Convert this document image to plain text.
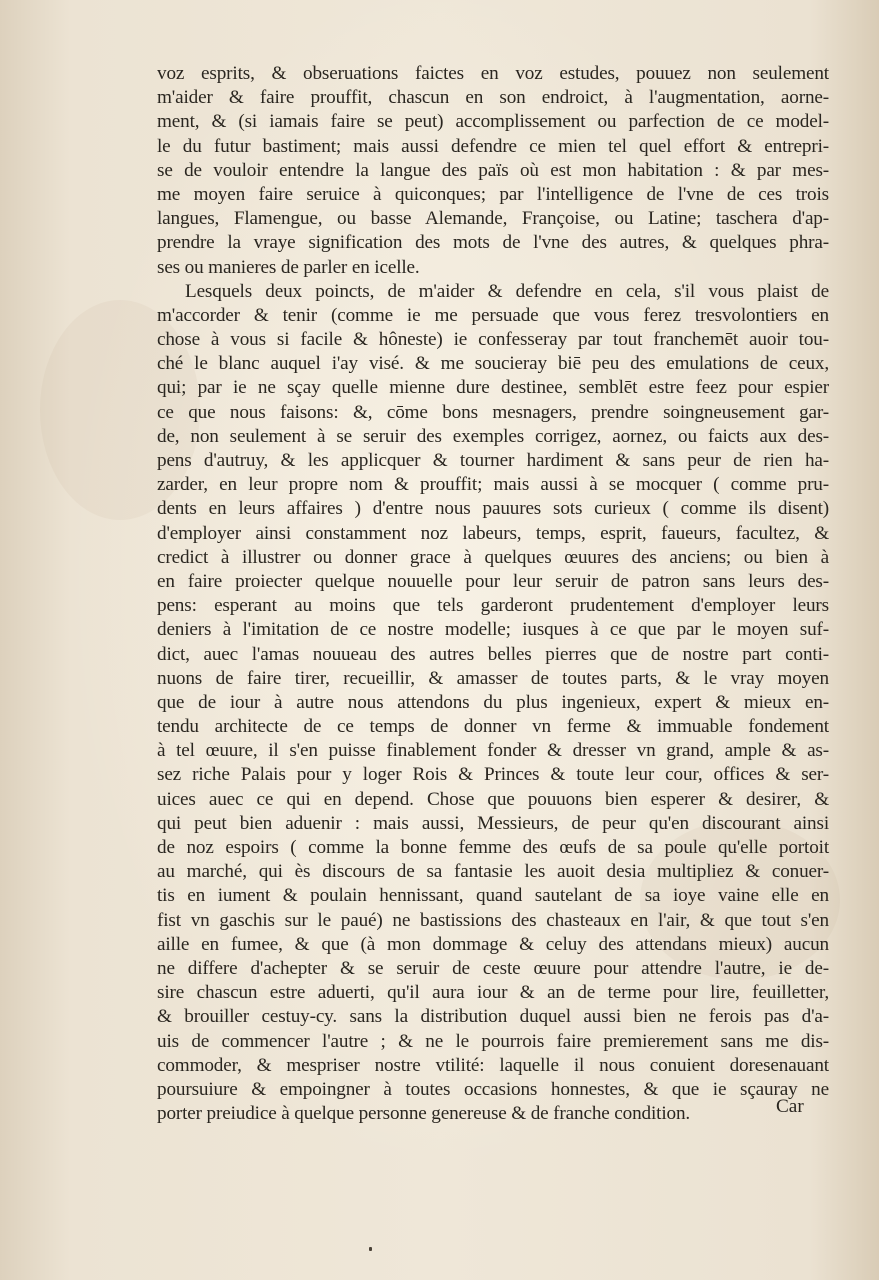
voz esprits, & obseruations faictes en voz estudes, pouuez non seulement
m'aider & faire prouffit, chascun en son endroict, à l'augmentation, aorne-
ment, & (si iamais faire se peut) accomplissement ou parfection de ce model-
le du futur bastiment; mais aussi defendre ce mien tel quel effort & entrepri-
se de vouloir entendre la langue des païs où est mon habitation : & par mes-
me moyen faire seruice à quiconques; par l'intelligence de l'vne de ces trois
langues, Flamengue, ou basse Alemande, Françoise, ou Latine; taschera d'ap-
prendre la vraye signification des mots de l'vne des autres, & quelques phra-
ses ou manieres de parler en icelle.
Lesquels deux poincts, de m'aider & defendre en cela, s'il vous plaist de
m'accorder & tenir (comme ie me persuade que vous ferez tresvolontiers en
chose à vous si facile & hôneste) ie confesseray par tout franchemēt auoir tou-
ché le blanc auquel i'ay visé. & me soucieray biē peu des emulations de ceux,
qui; par ie ne sçay quelle mienne dure destinee, semblēt estre feez pour espier
ce que nous faisons: &, cōme bons mesnagers, prendre soingneusement gar-
de, non seulement à se seruir des exemples corrigez, aornez, ou faicts aux des-
pens d'autruy, & les applicquer & tourner hardiment & sans peur de rien ha-
zarder, en leur propre nom & prouffit; mais aussi à se mocquer ( comme pru-
dents en leurs affaires ) d'entre nous pauures sots curieux ( comme ils disent)
d'employer ainsi constamment noz labeurs, temps, esprit, faueurs, facultez, &
credict à illustrer ou donner grace à quelques œuures des anciens; ou bien à
en faire proiecter quelque nouuelle pour leur seruir de patron sans leurs des-
pens: esperant au moins que tels garderont prudentement d'employer leurs
deniers à l'imitation de ce nostre modelle; iusques à ce que par le moyen suf-
dict, auec l'amas nouueau des autres belles pierres que de nostre part conti-
nuons de faire tirer, recueillir, & amasser de toutes parts, & le vray moyen
que de iour à autre nous attendons du plus ingenieux, expert & mieux en-
tendu architecte de ce temps de donner vn ferme & immuable fondement
à tel œuure, il s'en puisse finablement fonder & dresser vn grand, ample & as-
sez riche Palais pour y loger Rois & Princes & toute leur cour, offices & ser-
uices auec ce qui en depend. Chose que pouuons bien esperer & desirer, &
qui peut bien aduenir : mais aussi, Messieurs, de peur qu'en discourant ainsi
de noz espoirs ( comme la bonne femme des œufs de sa poule qu'elle portoit
au marché, qui ès discours de sa fantasie les auoit desia multipliez & conuer-
tis en iument & poulain hennissant, quand sautelant de sa ioye vaine elle en
fist vn gaschis sur le paué) ne bastissions des chasteaux en l'air, & que tout s'en
aille en fumee, & que (à mon dommage & celuy des attendans mieux) aucun
ne differe d'achepter & se seruir de ceste œuure pour attendre l'autre, ie de-
sire chascun estre aduerti, qu'il aura iour & an de terme pour lire, feuilletter,
& brouiller cestuy-cy. sans la distribution duquel aussi bien ne ferois pas d'a-
uis de commencer l'autre ; & ne le pourrois faire premierement sans me dis-
commoder, & mespriser nostre vtilité: laquelle il nous conuient doresenauant
poursuiure & empoingner à toutes occasions honnestes, & que ie sçauray ne
porter preiudice à quelque personne genereuse & de franche condition.	Car
